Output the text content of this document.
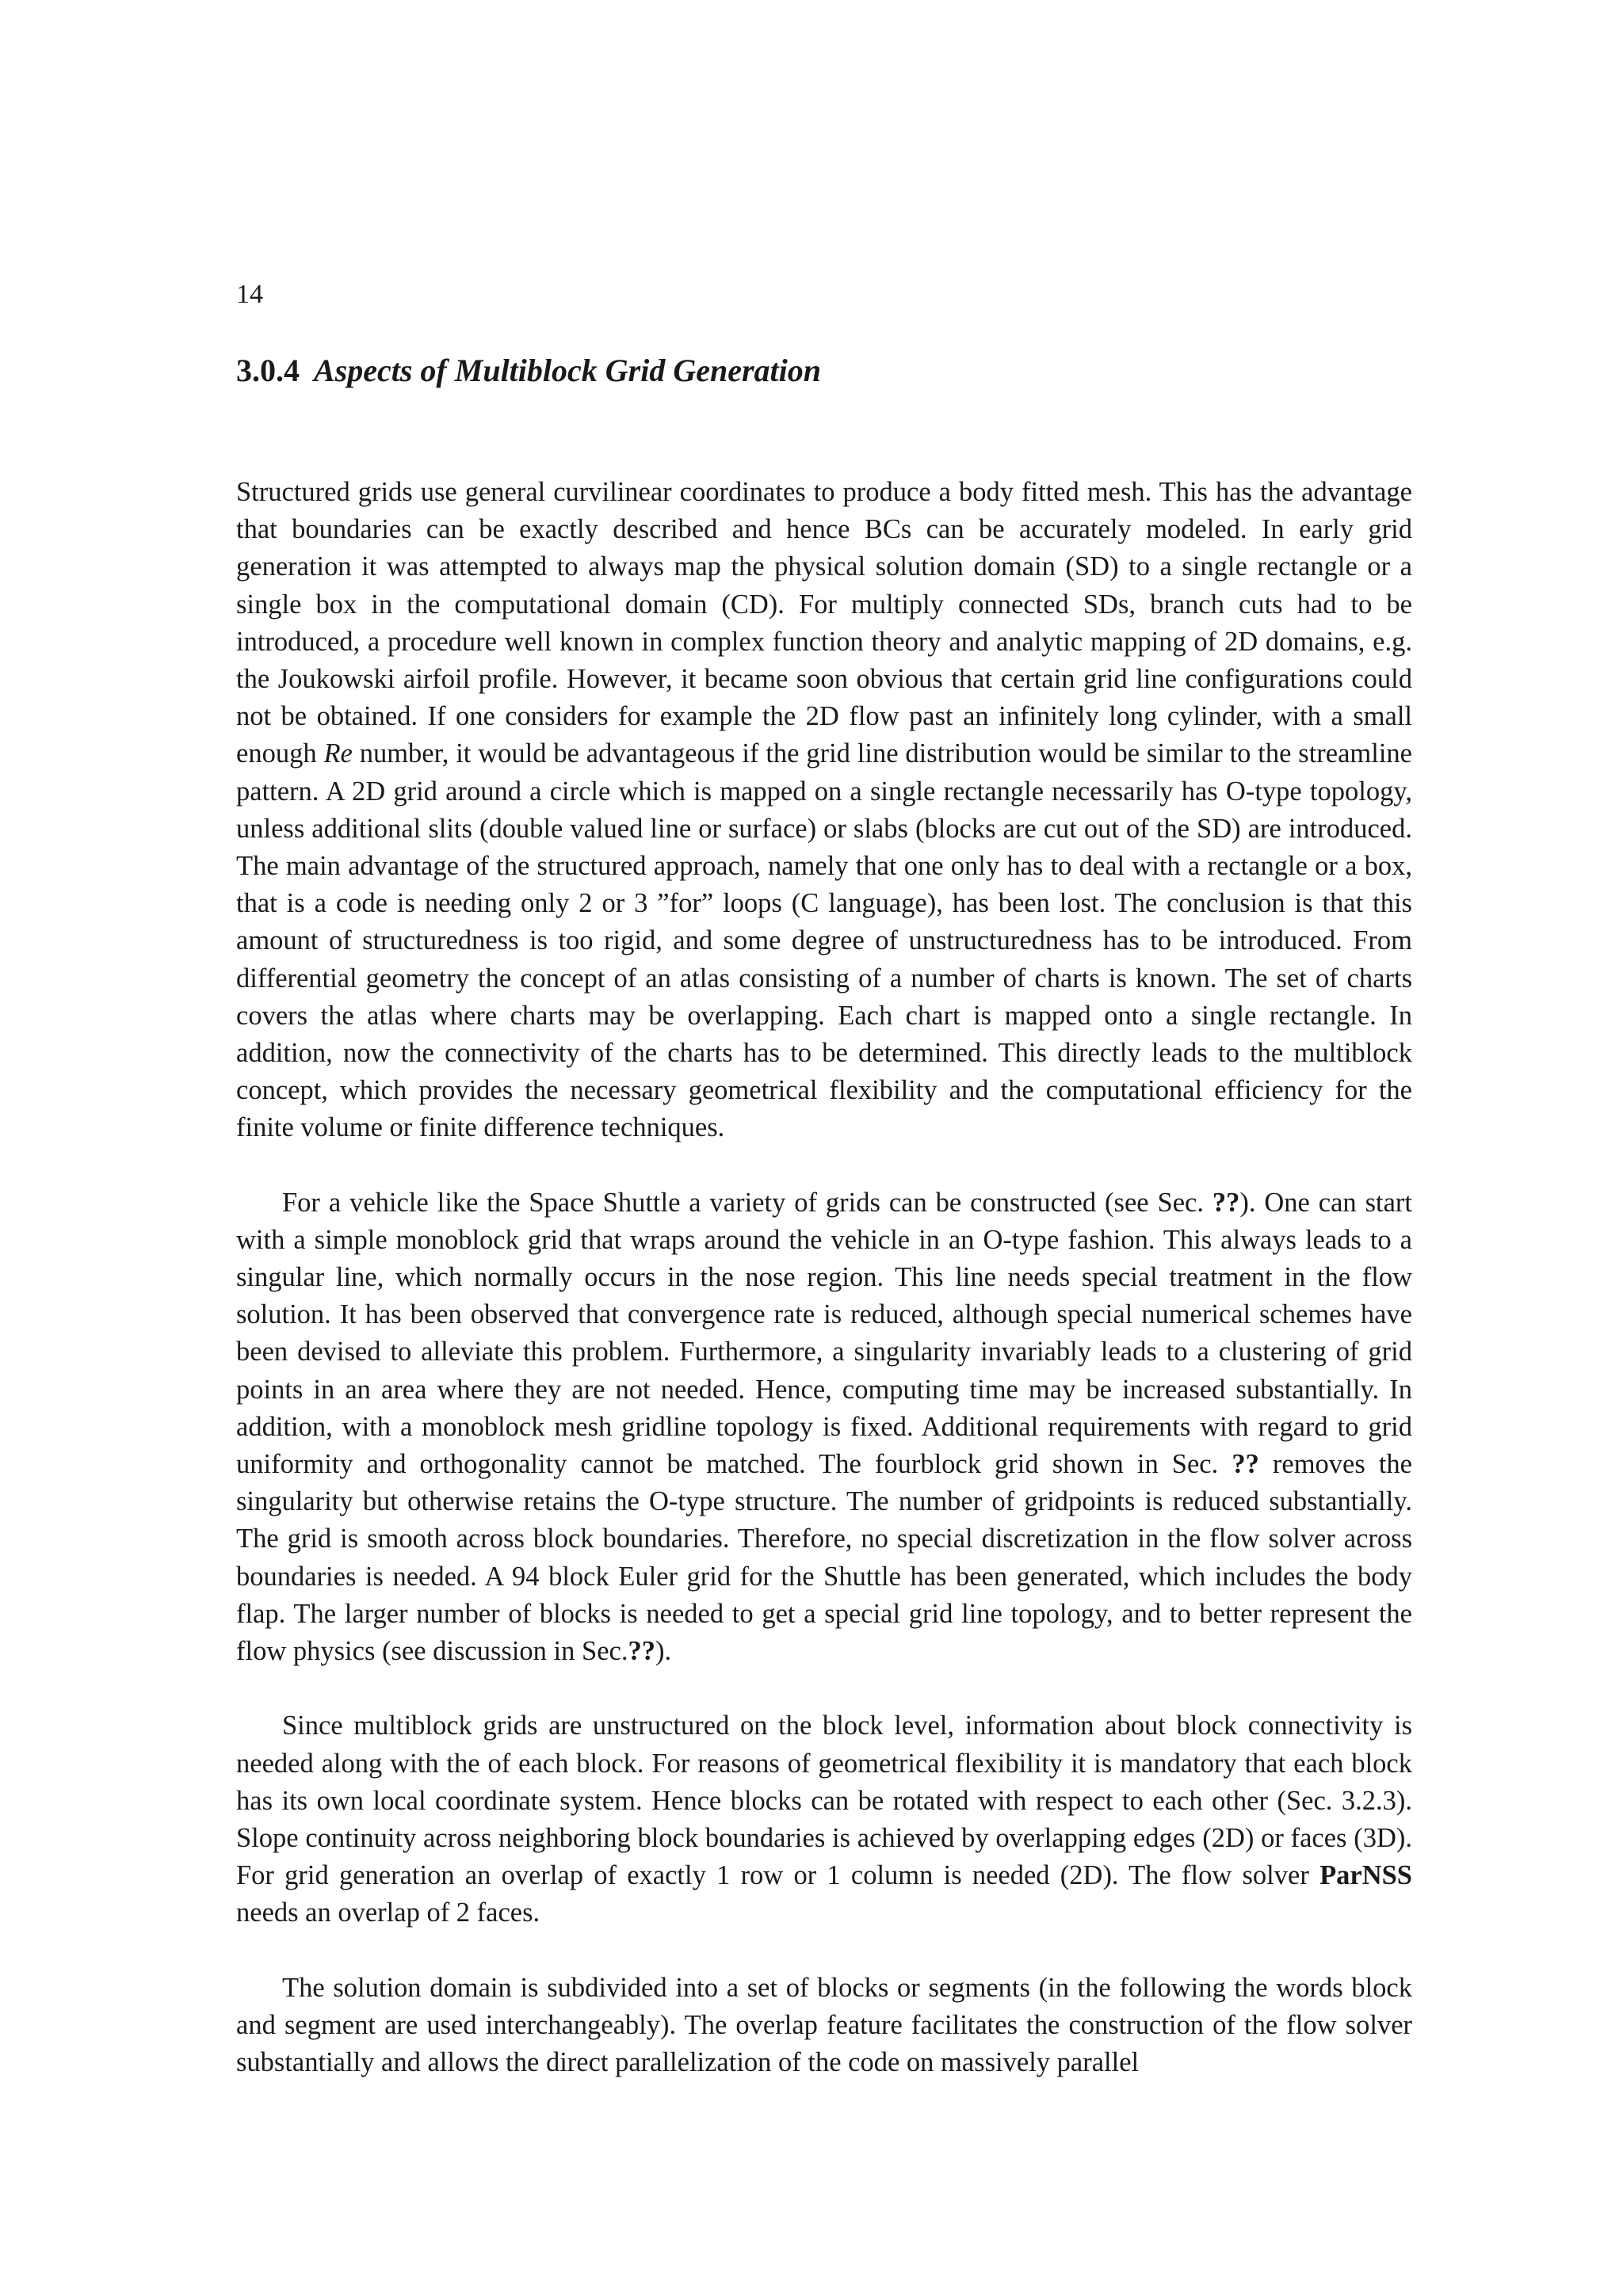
14
3.0.4 Aspects of Multiblock Grid Generation

Structured grids use general curvilinear coordinates to produce a body fitted mesh. This has the advantage that boundaries can be exactly described and hence BCs can be accurately modeled. In early grid generation it was attempted to always map the physical solution domain (SD) to a single rectangle or a single box in the computational domain (CD). For multiply connected SDs, branch cuts had to be introduced, a procedure well known in complex function theory and analytic mapping of 2D domains, e.g. the Joukowski airfoil profile. However, it became soon obvious that certain grid line configurations could not be obtained. If one considers for example the 2D flow past an infinitely long cylinder, with a small enough Re number, it would be advantageous if the grid line distribution would be similar to the streamline pattern. A 2D grid around a circle which is mapped on a single rectangle necessarily has O-type topology, unless additional slits (double valued line or surface) or slabs (blocks are cut out of the SD) are introduced. The main advantage of the structured approach, namely that one only has to deal with a rectangle or a box, that is a code is needing only 2 or 3 ”for” loops (C language), has been lost. The conclusion is that this amount of structuredness is too rigid, and some degree of unstructuredness has to be introduced. From differential geometry the concept of an atlas consisting of a number of charts is known. The set of charts covers the atlas where charts may be overlapping. Each chart is mapped onto a single rectangle. In addition, now the connectivity of the charts has to be determined. This directly leads to the multiblock concept, which provides the necessary geometrical flexibility and the computational efficiency for the finite volume or finite difference techniques.

For a vehicle like the Space Shuttle a variety of grids can be constructed (see Sec. ??). One can start with a simple monoblock grid that wraps around the vehicle in an O-type fashion. This always leads to a singular line, which normally occurs in the nose region. This line needs special treatment in the flow solution. It has been observed that convergence rate is reduced, although special numerical schemes have been devised to alleviate this problem. Furthermore, a singularity invariably leads to a clustering of grid points in an area where they are not needed. Hence, computing time may be increased substantially. In addition, with a monoblock mesh gridline topology is fixed. Additional requirements with regard to grid uniformity and orthogonality cannot be matched. The fourblock grid shown in Sec. ?? removes the singularity but otherwise retains the O-type structure. The number of gridpoints is reduced substantially. The grid is smooth across block boundaries. Therefore, no special discretization in the flow solver across boundaries is needed. A 94 block Euler grid for the Shuttle has been generated, which includes the body flap. The larger number of blocks is needed to get a special grid line topology, and to better represent the flow physics (see discussion in Sec.??).

Since multiblock grids are unstructured on the block level, information about block connectivity is needed along with the of each block. For reasons of geometrical flexibility it is mandatory that each block has its own local coordinate system. Hence blocks can be rotated with respect to each other (Sec. 3.2.3). Slope continuity across neighboring block boundaries is achieved by overlapping edges (2D) or faces (3D). For grid generation an overlap of exactly 1 row or 1 column is needed (2D). The flow solver ParNSS needs an overlap of 2 faces.

The solution domain is subdivided into a set of blocks or segments (in the following the words block and segment are used interchangeably). The overlap feature facilitates the construction of the flow solver substantially and allows the direct parallelization of the code on massively parallel
